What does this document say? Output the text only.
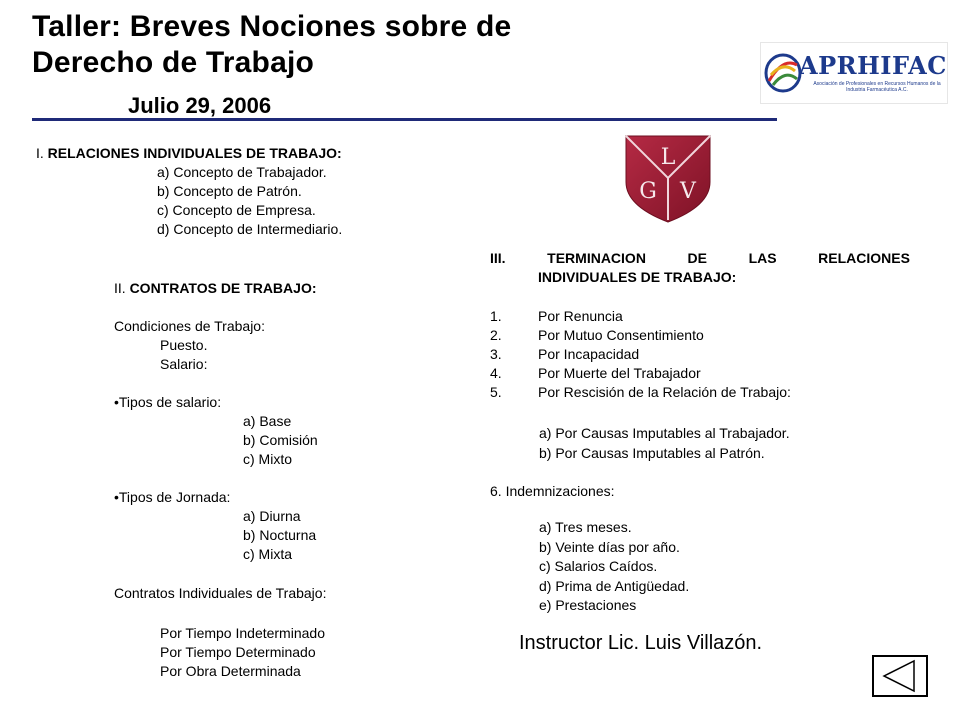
Taller: Breves Nociones sobre de
Derecho de Trabajo
Julio 29, 2006
APRHIFAC
Asociación de Profesionales en Recursos Humanos de la Industria Farmacéutica A.C.
L
G V
I. RELACIONES INDIVIDUALES DE TRABAJO:
a) Concepto de Trabajador.
b) Concepto de Patrón.
c) Concepto de Empresa.
d) Concepto de Intermediario.
II. CONTRATOS DE TRABAJO:
Condiciones de Trabajo:
Puesto.
Salario:
•Tipos de salario:
a) Base
b) Comisión
c) Mixto
•Tipos de Jornada:
a) Diurna
b) Nocturna
c) Mixta
Contratos Individuales de Trabajo:
Por Tiempo Indeterminado
Por Tiempo Determinado
Por Obra Determinada
III.	TERMINACION	DE	LAS	RELACIONES
INDIVIDUALES DE TRABAJO:
1.	Por Renuncia
2.	Por Mutuo Consentimiento
3.	Por Incapacidad
4.	Por Muerte del Trabajador
5.	Por Rescisión de la Relación de Trabajo:
a) Por Causas Imputables al Trabajador.
b) Por Causas Imputables al Patrón.
6. Indemnizaciones:
a) Tres meses.
b) Veinte días por año.
c) Salarios Caídos.
d) Prima de Antigüedad.
e) Prestaciones
Instructor Lic. Luis Villazón.
